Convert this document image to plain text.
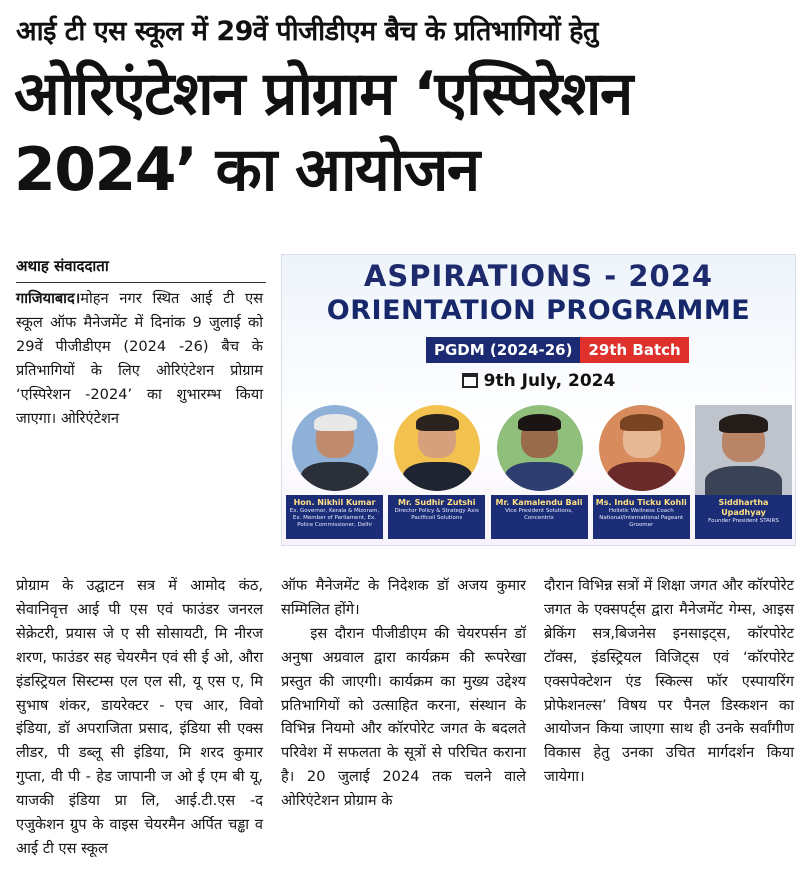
आई टी एस स्कूल में 29वें पीजीडीएम बैच के प्रतिभागियों हेतु
ओरिएंटेशन प्रोग्राम ‘एस्पिरेशन
2024’ का आयोजन
अथाह संवाददाता

गाजियाबाद।मोहन नगर स्थित आई टी एस स्कूल ऑफ मैनेजमेंट में दिनांक 9 जुलाई को 29वें पीजीडीएम (2024 -26) बैच के प्रतिभागियों के लिए ओरिएंटेशन प्रोग्राम ‘एस्पिरेशन -2024’ का शुभारम्भ किया जाएगा। ओरिएंटेशन

प्रोग्राम के उद्घाटन सत्र में आमोद कंठ, सेवानिवृत्त आई पी एस एवं फाउंडर जनरल सेक्रेटरी, प्रयास जे ए सी सोसायटी, मि नीरज शरण, फाउंडर सह चेयरमैन एवं सी ई ओ, औरा इंडस्ट्रियल सिस्टम्स एल एल सी, यू एस ए, मि सुभाष शंकर, डायरेक्टर - एच आर, विवो इंडिया, डॉ अपराजिता प्रसाद, इंडिया सी एक्स लीडर, पी डब्लू सी इंडिया, मि शरद कुमार गुप्ता, वी पी - हेड जापानी ज ओ ई एम बी यू, याजकी इंडिया प्रा लि, आई.टी.एस -द एजुकेशन ग्रुप के वाइस चेयरमैन अर्पित चड्ढा व आई टी एस स्कूल

ऑफ मैनेजमेंट के निदेशक डॉ अजय कुमार सम्मिलित होंगे।

इस दौरान पीजीडीएम की चेयरपर्सन डॉ अनुषा अग्रवाल द्वारा कार्यक्रम की रूपरेखा प्रस्तुत की जाएगी। कार्यक्रम का मुख्य उद्देश्य प्रतिभागियों को उत्साहित करना, संस्थान के विभिन्न नियमो और कॉरपोरेट जगत के बदलते परिवेश में सफलता के सूत्रों से परिचित कराना है। 20 जुलाई 2024 तक चलने वाले ओरिएंटेशन प्रोग्राम के

दौरान विभिन्न सत्रों में शिक्षा जगत और कॉरपोरेट जगत के एक्सपर्ट्स द्वारा मैनेजमेंट गेम्स, आइस ब्रेकिंग सत्र,बिजनेस इनसाइट्स, कॉरपोरेट टॉक्स, इंडस्ट्रियल विजिट्स एवं ‘कॉरपोरेट एक्सपेक्टेशन एंड स्किल्स फॉर एस्पायरिंग प्रोफेशनल्स’ विषय पर पैनल डिस्कशन का आयोजन किया जाएगा साथ ही उनके सर्वांगीण विकास हेतु उनका उचित मार्गदर्शन किया जायेगा।

ASPIRATIONS - 2024
ORIENTATION PROGRAMME
PGDM (2024-26)	29th Batch
9th July, 2024
Hon. Nikhil Kumar
Ex. Governor, Kerala & Mizoram, Ex. Member of Parliament, Ex. Police Commissioner, Delhi
Mr. Sudhir Zutshi
Director Policy & Strategy Axis Pacificoil Solutions
Mr. Kamalendu Bali
Vice President Solutions, Concentrix
Ms. Indu Ticku Kohli
Holistic Wellness Coach National/International Pageant Groomer
Siddhartha Upadhyay
Founder President STAIRS
